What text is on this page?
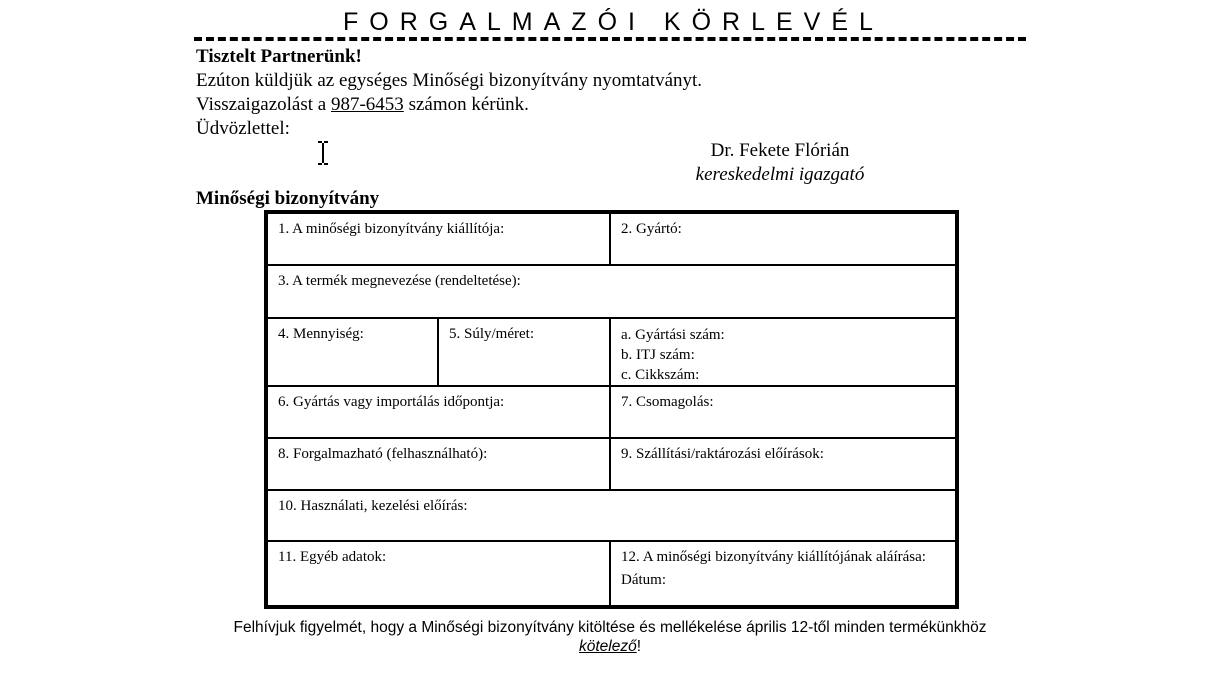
FORGALMAZÓI KÖRLEVÉL
Tisztelt Partnerünk!
Ezúton küldjük az egységes Minőségi bizonyítvány nyomtatványt.
Visszaigazolást a 987-6453 számon kérünk.
Üdvözlettel:
Dr. Fekete Flórián
kereskedelmi igazgató
Minőségi bizonyítvány
1. A minőségi bizonyítvány kiállítója:		2. Gyártó:
3. A termék megnevezése (rendeltetése):		
4. Mennyiség:	5. Súly/méret:	a. Gyártási szám:
b. ITJ szám:
c. Cikkszám:

6. Gyártás vagy importálás időpontja:		7. Csomagolás:
8. Forgalmazható (felhasználható):		9. Szállítási/raktározási előírások:
10. Használati, kezelési előírás:		
11. Egyéb adatok:		12. A minőségi bizonyítvány kiállítójának aláírása:
Dátum:
Felhívjuk figyelmét, hogy a Minőségi bizonyítvány kitöltése és mellékelése április 12-től minden termékünkhöz
kötelező!
